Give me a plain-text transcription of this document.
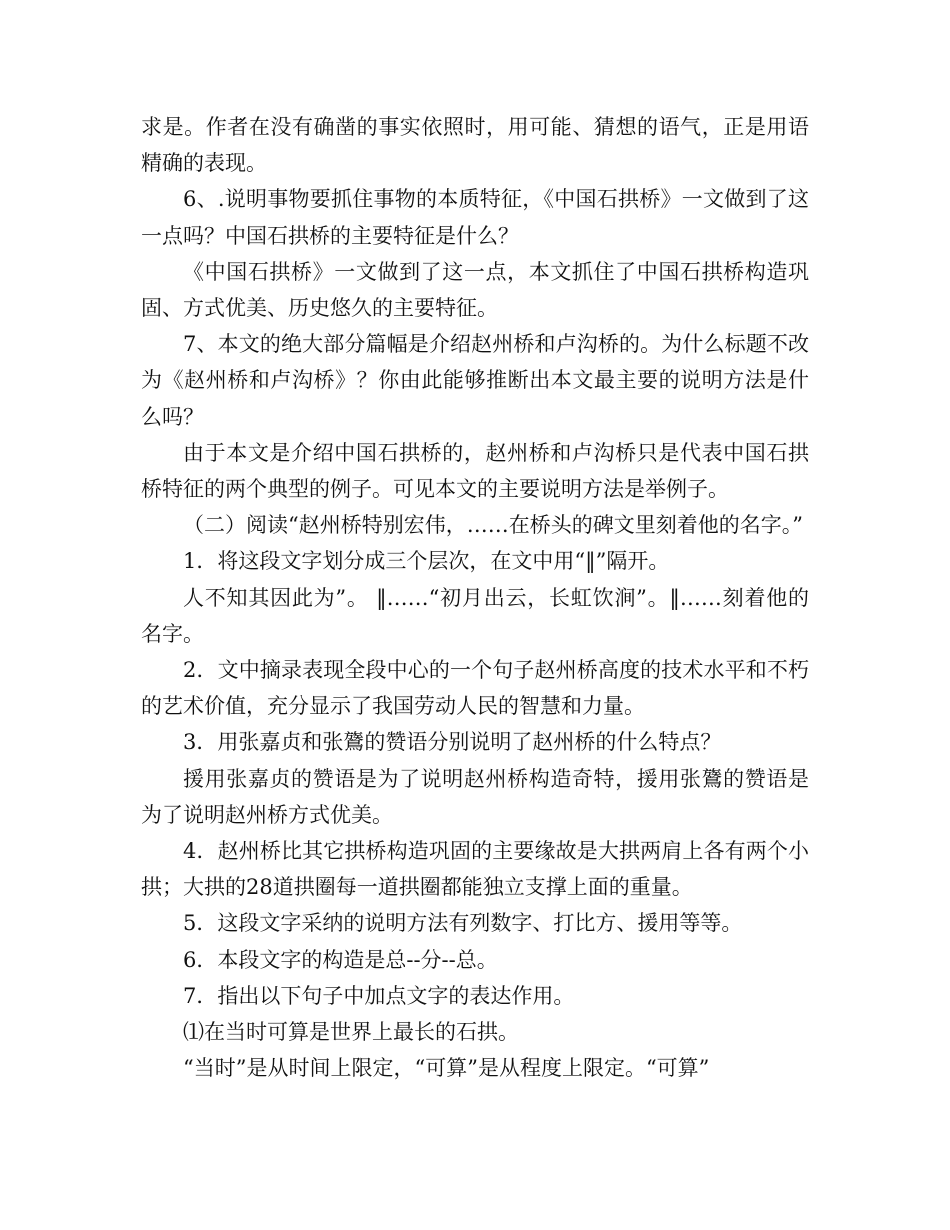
求是。作者在没有确凿的事实依照时，用可能、猜想的语气，正是用语精确的表现。

6、.说明事物要抓住事物的本质特征，《中国石拱桥》一文做到了这一点吗？中国石拱桥的主要特征是什么？

《中国石拱桥》一文做到了这一点，本文抓住了中国石拱桥构造巩固、方式优美、历史悠久的主要特征。

7、本文的绝大部分篇幅是介绍赵州桥和卢沟桥的。为什么标题不改为《赵州桥和卢沟桥》？你由此能够推断出本文最主要的说明方法是什么吗？

由于本文是介绍中国石拱桥的，赵州桥和卢沟桥只是代表中国石拱桥特征的两个典型的例子。可见本文的主要说明方法是举例子。

（二）阅读“赵州桥特别宏伟，……在桥头的碑文里刻着他的名字。”

1．将这段文字划分成三个层次，在文中用“‖”隔开。

人不知其因此为”。 ‖……“初月出云，长虹饮涧”。‖……刻着他的名字。

2．文中摘录表现全段中心的一个句子赵州桥高度的技术水平和不朽的艺术价值，充分显示了我国劳动人民的智慧和力量。

3．用张嘉贞和张鷟的赞语分别说明了赵州桥的什么特点？

援用张嘉贞的赞语是为了说明赵州桥构造奇特，援用张鷟的赞语是为了说明赵州桥方式优美。

4．赵州桥比其它拱桥构造巩固的主要缘故是大拱两肩上各有两个小拱；大拱的28道拱圈每一道拱圈都能独立支撑上面的重量。

5．这段文字采纳的说明方法有列数字、打比方、援用等等。

6．本段文字的构造是总--分--总。

7．指出以下句子中加点文字的表达作用。

⑴在当时可算是世界上最长的石拱。

“当时”是从时间上限定，“可算”是从程度上限定。“可算”
